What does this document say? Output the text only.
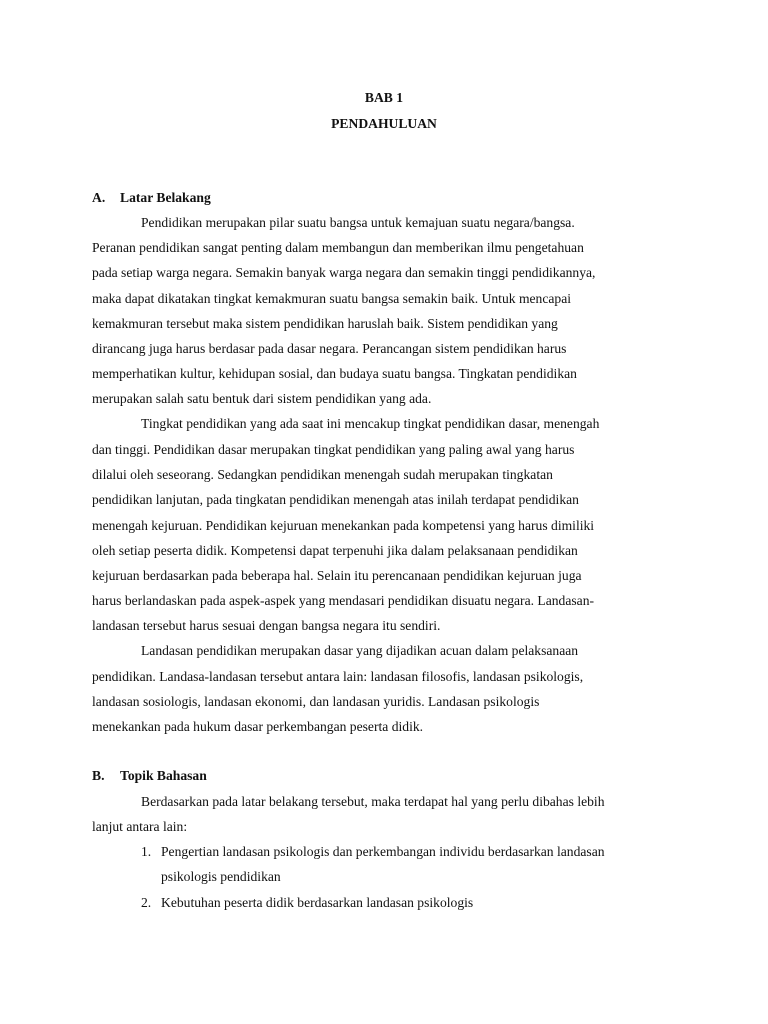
BAB 1
PENDAHULUAN
A. Latar Belakang
Pendidikan merupakan pilar suatu bangsa untuk kemajuan suatu negara/bangsa.
Peranan pendidikan sangat penting dalam membangun dan memberikan ilmu pengetahuan
pada setiap warga negara. Semakin banyak warga negara dan semakin tinggi pendidikannya,
maka dapat dikatakan tingkat kemakmuran suatu bangsa semakin baik. Untuk mencapai
kemakmuran tersebut maka sistem pendidikan haruslah baik. Sistem pendidikan yang
dirancang juga harus berdasar pada dasar negara. Perancangan sistem pendidikan harus
memperhatikan kultur, kehidupan sosial, dan budaya suatu bangsa. Tingkatan pendidikan
merupakan salah satu bentuk dari sistem pendidikan yang ada.
Tingkat pendidikan yang ada saat ini mencakup tingkat pendidikan dasar, menengah
dan tinggi. Pendidikan dasar merupakan tingkat pendidikan yang paling awal yang harus
dilalui oleh seseorang. Sedangkan pendidikan menengah sudah merupakan tingkatan
pendidikan lanjutan, pada tingkatan pendidikan menengah atas inilah terdapat pendidikan
menengah kejuruan. Pendidikan kejuruan menekankan pada kompetensi yang harus dimiliki
oleh setiap peserta didik. Kompetensi dapat terpenuhi jika dalam pelaksanaan pendidikan
kejuruan berdasarkan pada beberapa hal. Selain itu perencanaan pendidikan kejuruan juga
harus berlandaskan pada aspek-aspek yang mendasari pendidikan disuatu negara. Landasan-
landasan tersebut harus sesuai dengan bangsa negara itu sendiri.
Landasan pendidikan merupakan dasar yang dijadikan acuan dalam pelaksanaan
pendidikan. Landasa-landasan tersebut antara lain: landasan filosofis, landasan psikologis,
landasan sosiologis, landasan ekonomi, dan landasan yuridis. Landasan psikologis
menekankan pada hukum dasar perkembangan peserta didik.
B. Topik Bahasan
Berdasarkan pada latar belakang tersebut, maka terdapat hal yang perlu dibahas lebih
lanjut antara lain:
1. Pengertian landasan psikologis dan perkembangan individu berdasarkan landasan
psikologis pendidikan
2. Kebutuhan peserta didik berdasarkan landasan psikologis
